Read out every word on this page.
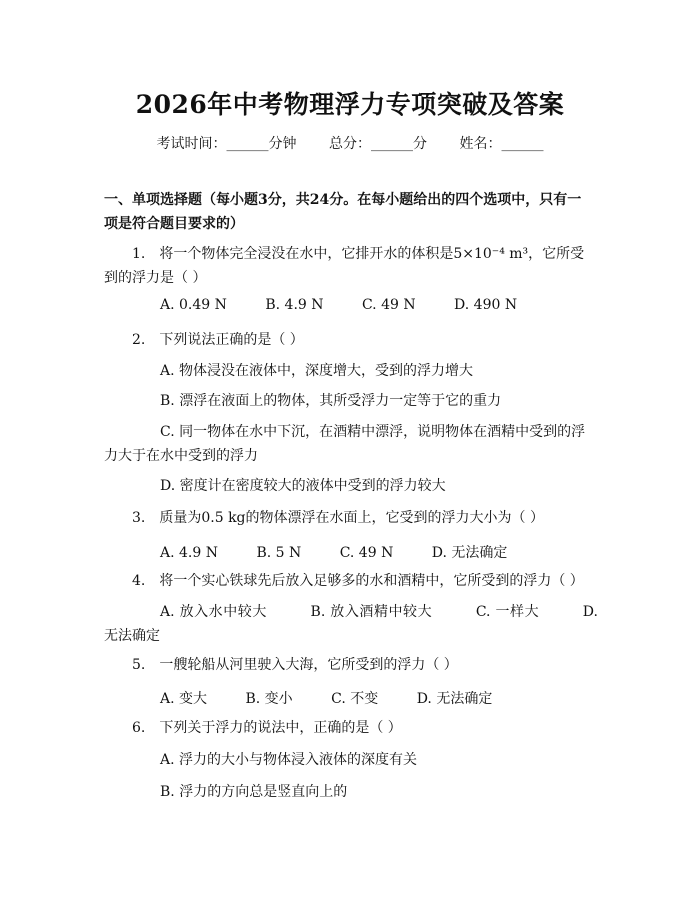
2026年中考物理浮力专项突破及答案
考试时间：______分钟 总分：______分 姓名：______
一、单项选择题（每小题3分，共24分。在每小题给出的四个选项中，只有一项是符合题目要求的）
1.　将一个物体完全浸没在水中，它排开水的体积是5×10⁻⁴ m³，它所受到的浮力是（ ）
A. 0.49 N	B. 4.9 N	C. 49 N	D. 490 N
2.　下列说法正确的是（ ）
A. 物体浸没在液体中，深度增大，受到的浮力增大
B. 漂浮在液面上的物体，其所受浮力一定等于它的重力
C. 同一物体在水中下沉，在酒精中漂浮，说明物体在酒精中受到的浮力大于在水中受到的浮力
D. 密度计在密度较大的液体中受到的浮力较大
3.　质量为0.5 kg的物体漂浮在水面上，它受到的浮力大小为（ ）
A. 4.9 N	B. 5 N	C. 49 N	D. 无法确定
4.　将一个实心铁球先后放入足够多的水和酒精中，它所受到的浮力（ ）
A. 放入水中较大　　　B. 放入酒精中较大　　　C. 一样大　　　D. 无法确定
5.　一艘轮船从河里驶入大海，它所受到的浮力（ ）
A. 变大	B. 变小	C. 不变	D. 无法确定
6.　下列关于浮力的说法中，正确的是（ ）
A. 浮力的大小与物体浸入液体的深度有关
B. 浮力的方向总是竖直向上的
